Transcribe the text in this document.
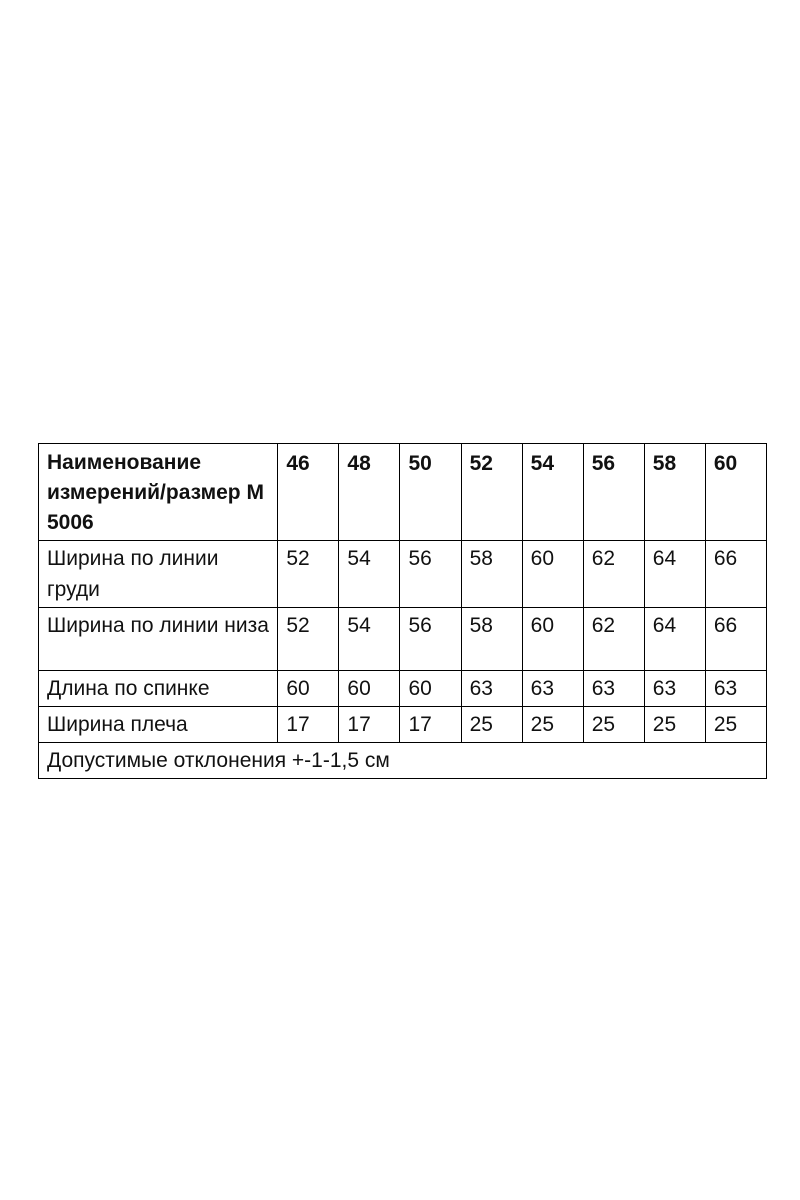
Наименование измерений/размер М 5006	46	48	50	52	54	56	58	60
Ширина по линии груди	52	54	56	58	60	62	64	66
Ширина по линии низа	52	54	56	58	60	62	64	66
Длина по спинке	60	60	60	63	63	63	63	63
Ширина плеча	17	17	17	25	25	25	25	25
Допустимые отклонения +-1-1,5 см								
